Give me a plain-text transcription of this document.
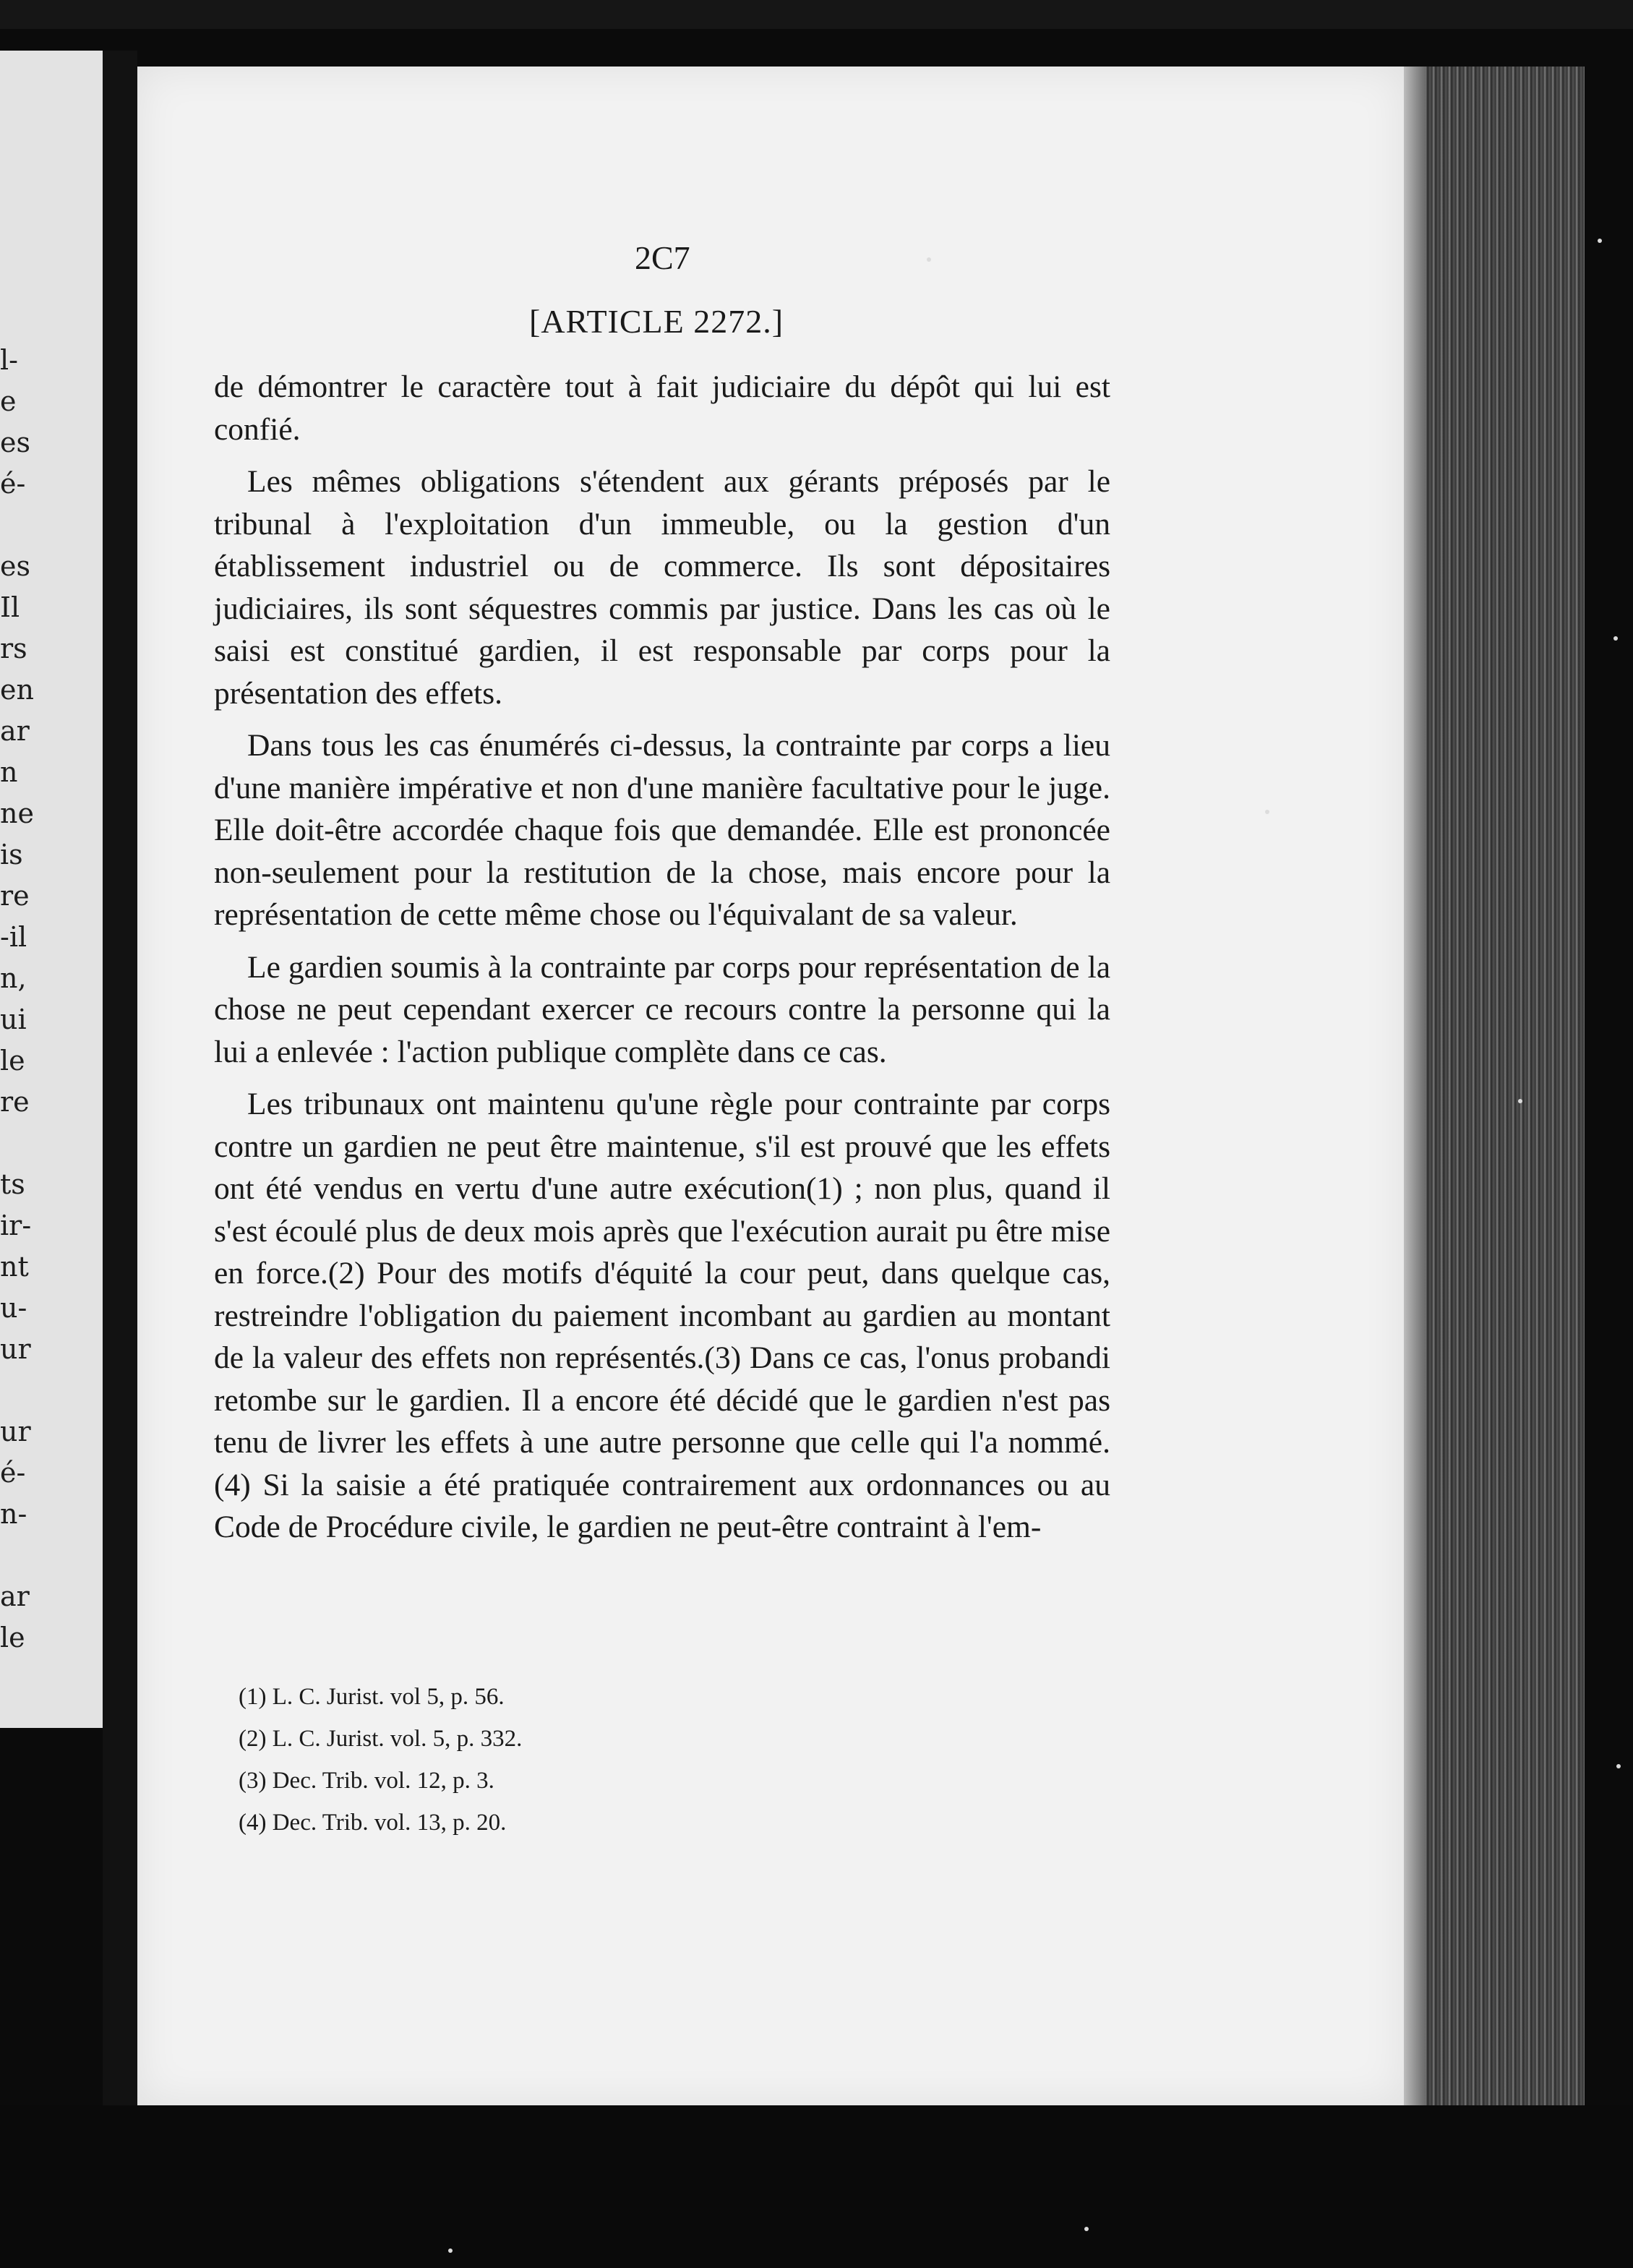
l-
e
es
é-
es
Il
rs
en
ar
n
ne
is
re
-il
n,
ui
le
re
ts
ir-
nt
u-
ur
ur
é-
n-
ar
le
2C7
[ARTICLE 2272.]

de démontrer le caractère tout à fait judiciaire du dépôt qui lui est confié.

Les mêmes obligations s'étendent aux gérants préposés par le tribunal à l'exploitation d'un immeuble, ou la gestion d'un établissement industriel ou de commerce. Ils sont dépositaires judiciaires, ils sont séquestres commis par justice. Dans les cas où le saisi est constitué gardien, il est responsable par corps pour la présentation des effets.

Dans tous les cas énumérés ci-dessus, la contrainte par corps a lieu d'une manière impérative et non d'une manière facultative pour le juge. Elle doit-être accordée chaque fois que demandée. Elle est prononcée non-seulement pour la restitution de la chose, mais encore pour la représentation de cette même chose ou l'équivalant de sa valeur.

Le gardien soumis à la contrainte par corps pour représentation de la chose ne peut cependant exercer ce recours contre la personne qui la lui a enlevée : l'action publique complète dans ce cas.

Les tribunaux ont maintenu qu'une règle pour contrainte par corps contre un gardien ne peut être maintenue, s'il est prouvé que les effets ont été vendus en vertu d'une autre exécution(1) ; non plus, quand il s'est écoulé plus de deux mois après que l'exécution aurait pu être mise en force.(2) Pour des motifs d'équité la cour peut, dans quelque cas, restreindre l'obligation du paiement incombant au gardien au montant de la valeur des effets non représentés.(3) Dans ce cas, l'onus probandi retombe sur le gardien. Il a encore été décidé que le gardien n'est pas tenu de livrer les effets à une autre personne que celle qui l'a nommé.(4) Si la saisie a été pratiquée contrairement aux ordonnances ou au Code de Procédure civile, le gardien ne peut-être contraint à l'em-

(1) L. C. Jurist. vol 5, p. 56.
(2) L. C. Jurist. vol. 5, p. 332.
(3) Dec. Trib. vol. 12, p. 3.
(4) Dec. Trib. vol. 13, p. 20.
